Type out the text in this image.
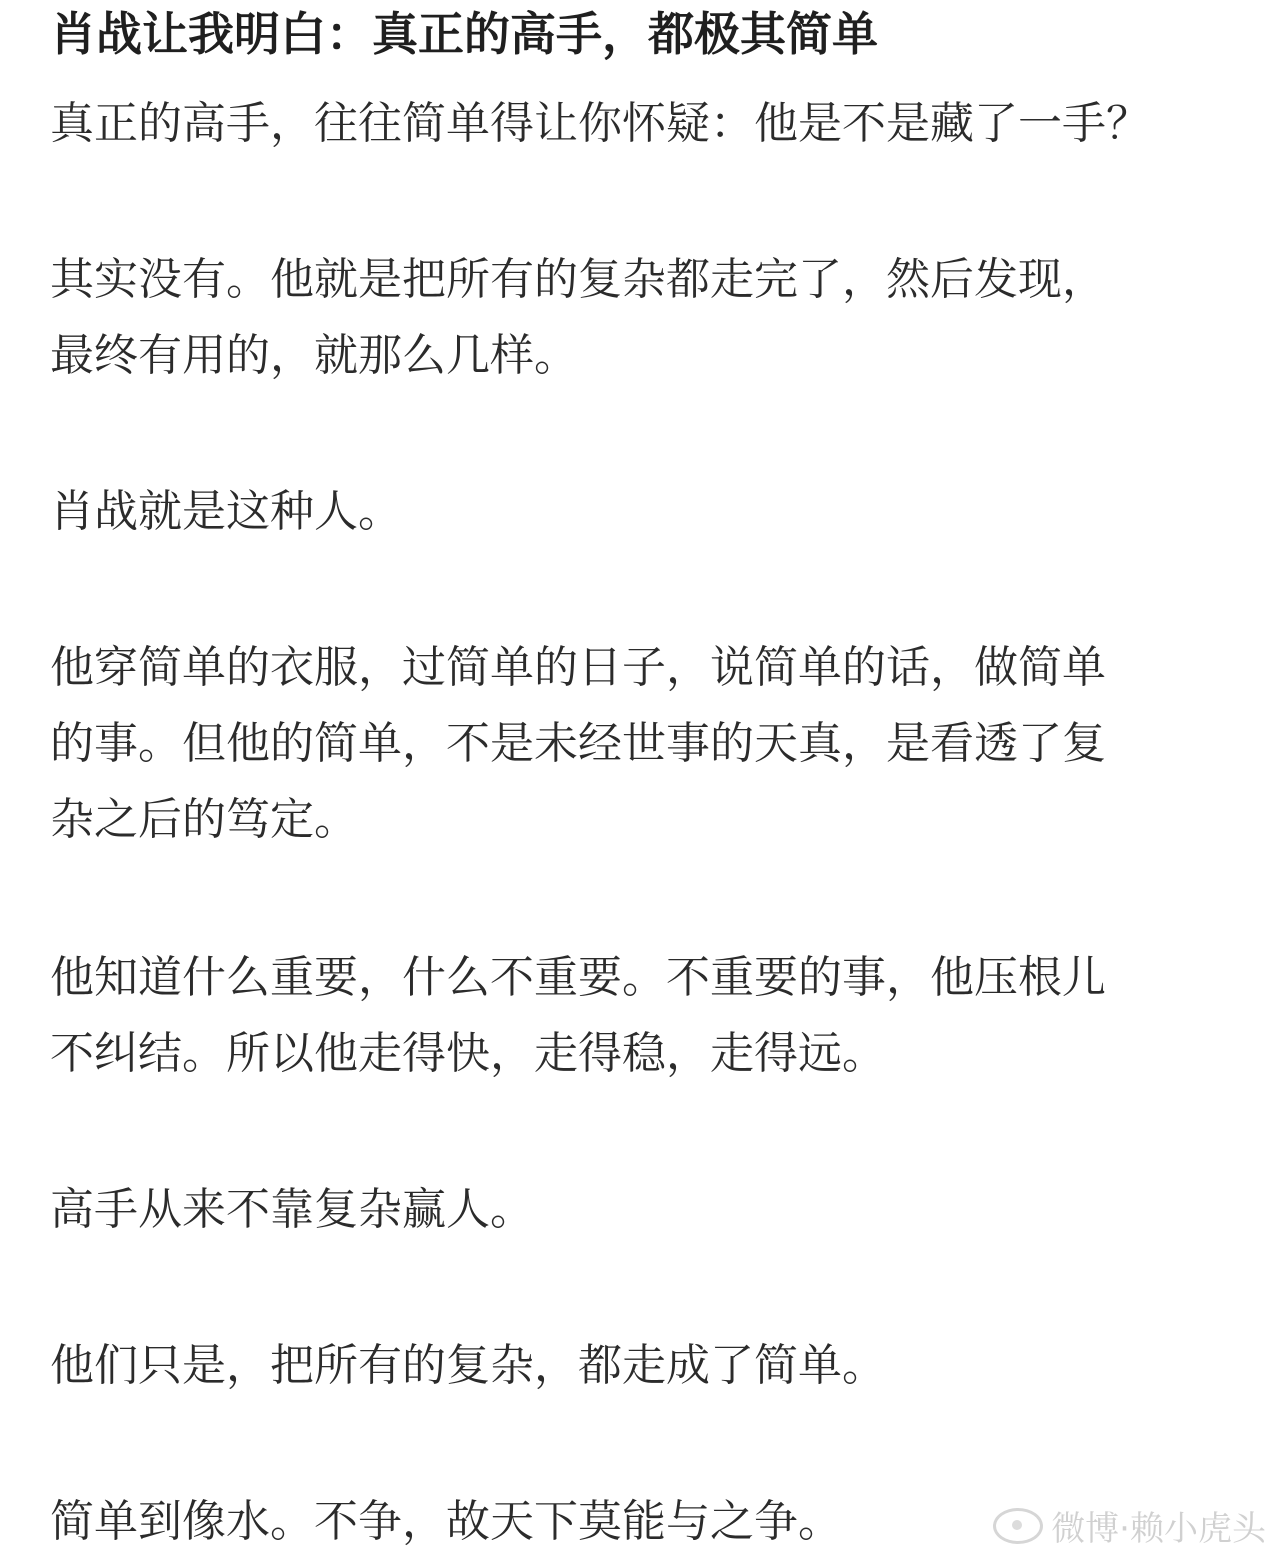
肖战让我明白：真正的高手，都极其简单

真正的高手，往往简单得让你怀疑：他是不是藏了一手？

其实没有。他就是把所有的复杂都走完了，然后发现，
最终有用的，就那么几样。

肖战就是这种人。

他穿简单的衣服，过简单的日子，说简单的话，做简单
的事。但他的简单，不是未经世事的天真，是看透了复
杂之后的笃定。

他知道什么重要，什么不重要。不重要的事，他压根儿
不纠结。所以他走得快，走得稳，走得远。

高手从来不靠复杂赢人。

他们只是，把所有的复杂，都走成了简单。

简单到像水。不争，故天下莫能与之争。	微博·赖小虎头
